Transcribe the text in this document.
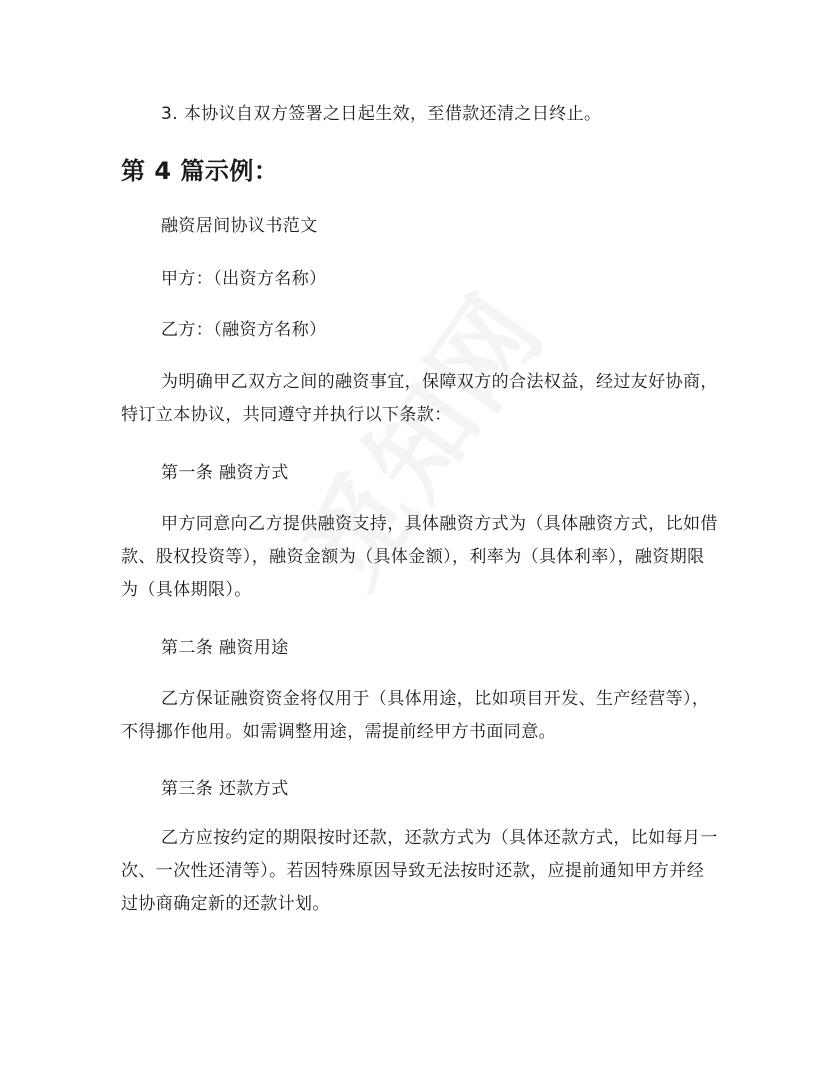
3. 本协议自双方签署之日起生效，至借款还清之日终止。

第 4 篇示例：

融资居间协议书范文

甲方：（出资方名称）

乙方：（融资方名称）

为明确甲乙双方之间的融资事宜，保障双方的合法权益，经过友好协商，特订立本协议，共同遵守并执行以下条款：

第一条 融资方式

甲方同意向乙方提供融资支持，具体融资方式为（具体融资方式，比如借款、股权投资等），融资金额为（具体金额），利率为（具体利率），融资期限为（具体期限）。

第二条 融资用途

乙方保证融资资金将仅用于（具体用途，比如项目开发、生产经营等），不得挪作他用。如需调整用途，需提前经甲方书面同意。

第三条 还款方式

乙方应按约定的期限按时还款，还款方式为（具体还款方式，比如每月一次、一次性还清等）。若因特殊原因导致无法按时还款，应提前通知甲方并经过协商确定新的还款计划。
